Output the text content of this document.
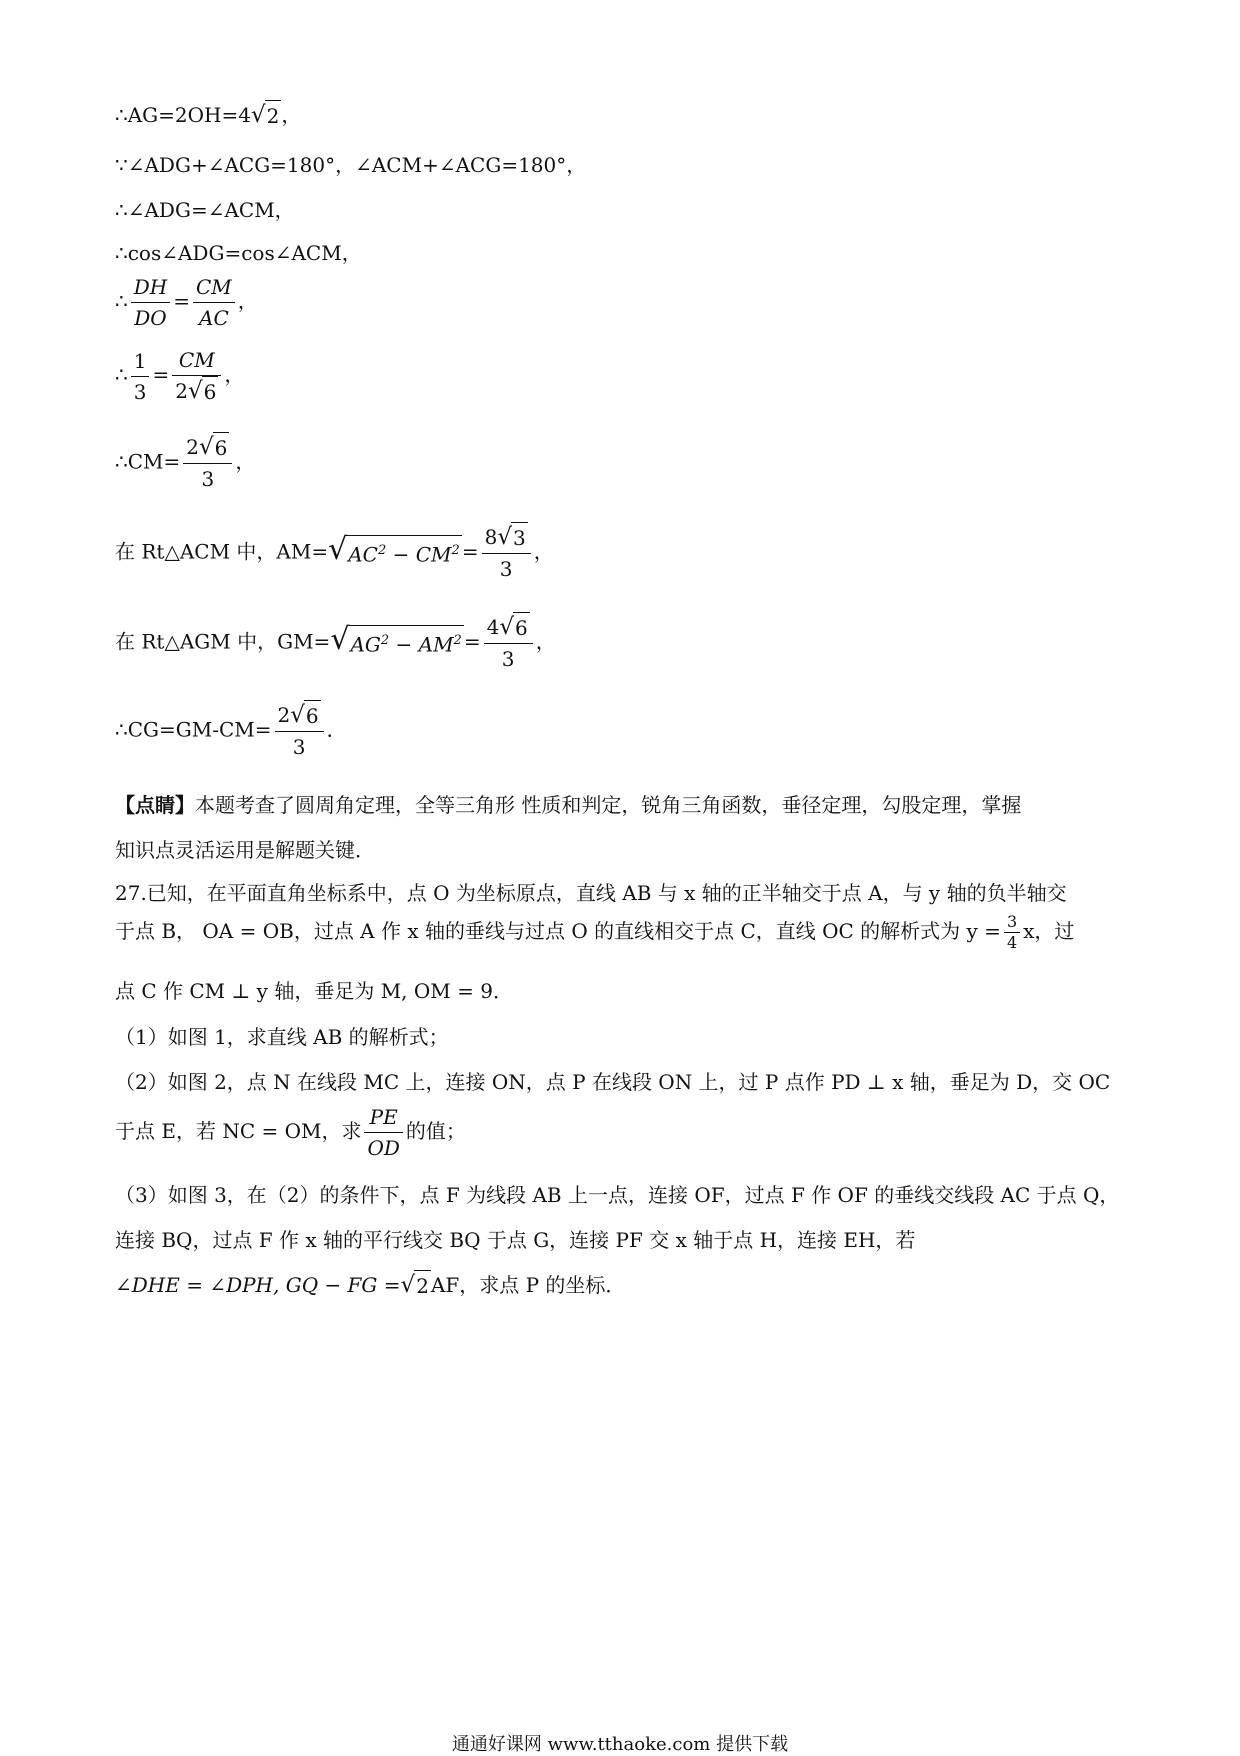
∴AG=2OH=4 √ 2 ，
∵∠ADG+∠ACG=180°，∠ACM+∠ACG=180°，
∴∠ADG=∠ACM，
∴cos∠ADG=cos∠ACM，
∴ $\frac{DH}{DO} = \frac{CM}{AC}$ ，
∴ $\frac{1}{3} = \frac{CM}{2 √ 6}$ ，
∴CM= $\frac{2 √ 6}{3}$ ，
在 Rt△ACM 中，AM= √ $AC^2 - CM^2 = \frac{8 √ 3}{3}$ ，
在 Rt△AGM 中，GM= √ $AG^2 - AM^2 = \frac{4 √ 6}{3}$ ，
∴CG=GM-CM= $\frac{2 √ 6}{3}$ ．
【点睛】本题考查了圆周角定理，全等三角形 性质和判定，锐角三角函数，垂径定理，勾股定理，掌握
知识点灵活运用是解题关键．
27.已知，在平面直角坐标系中，点 O 为坐标原点，直线 AB 与 x 轴的正半轴交于点 A，与 y 轴的负半轴交
于点 B， OA = OB，过点 A 作 x 轴的垂线与过点 O 的直线相交于点 C，直线 OC 的解析式为 $y = \frac{3}{4}$ x，过
点 C 作 CM ⊥ y 轴，垂足为 M, OM = 9．
（1）如图 1，求直线 AB 的解析式；
（2）如图 2，点 N 在线段 MC 上，连接 ON，点 P 在线段 ON 上，过 P 点作 PD ⊥ x 轴，垂足为 D，交 OC
于点 E，若 NC = OM，求 $\frac{PE}{OD}$ 的值；
（3）如图 3，在（2）的条件下，点 F 为线段 AB 上一点，连接 OF，过点 F 作 OF 的垂线交线段 AC 于点 Q，
连接 BQ，过点 F 作 x 轴的平行线交 BQ 于点 G，连接 PF 交 x 轴于点 H，连接 EH，若
∠DHE = ∠DPH, GQ − FG = √ 2 AF，求点 P 的坐标．
通通好课网 www.tthaoke.com 提供下载
